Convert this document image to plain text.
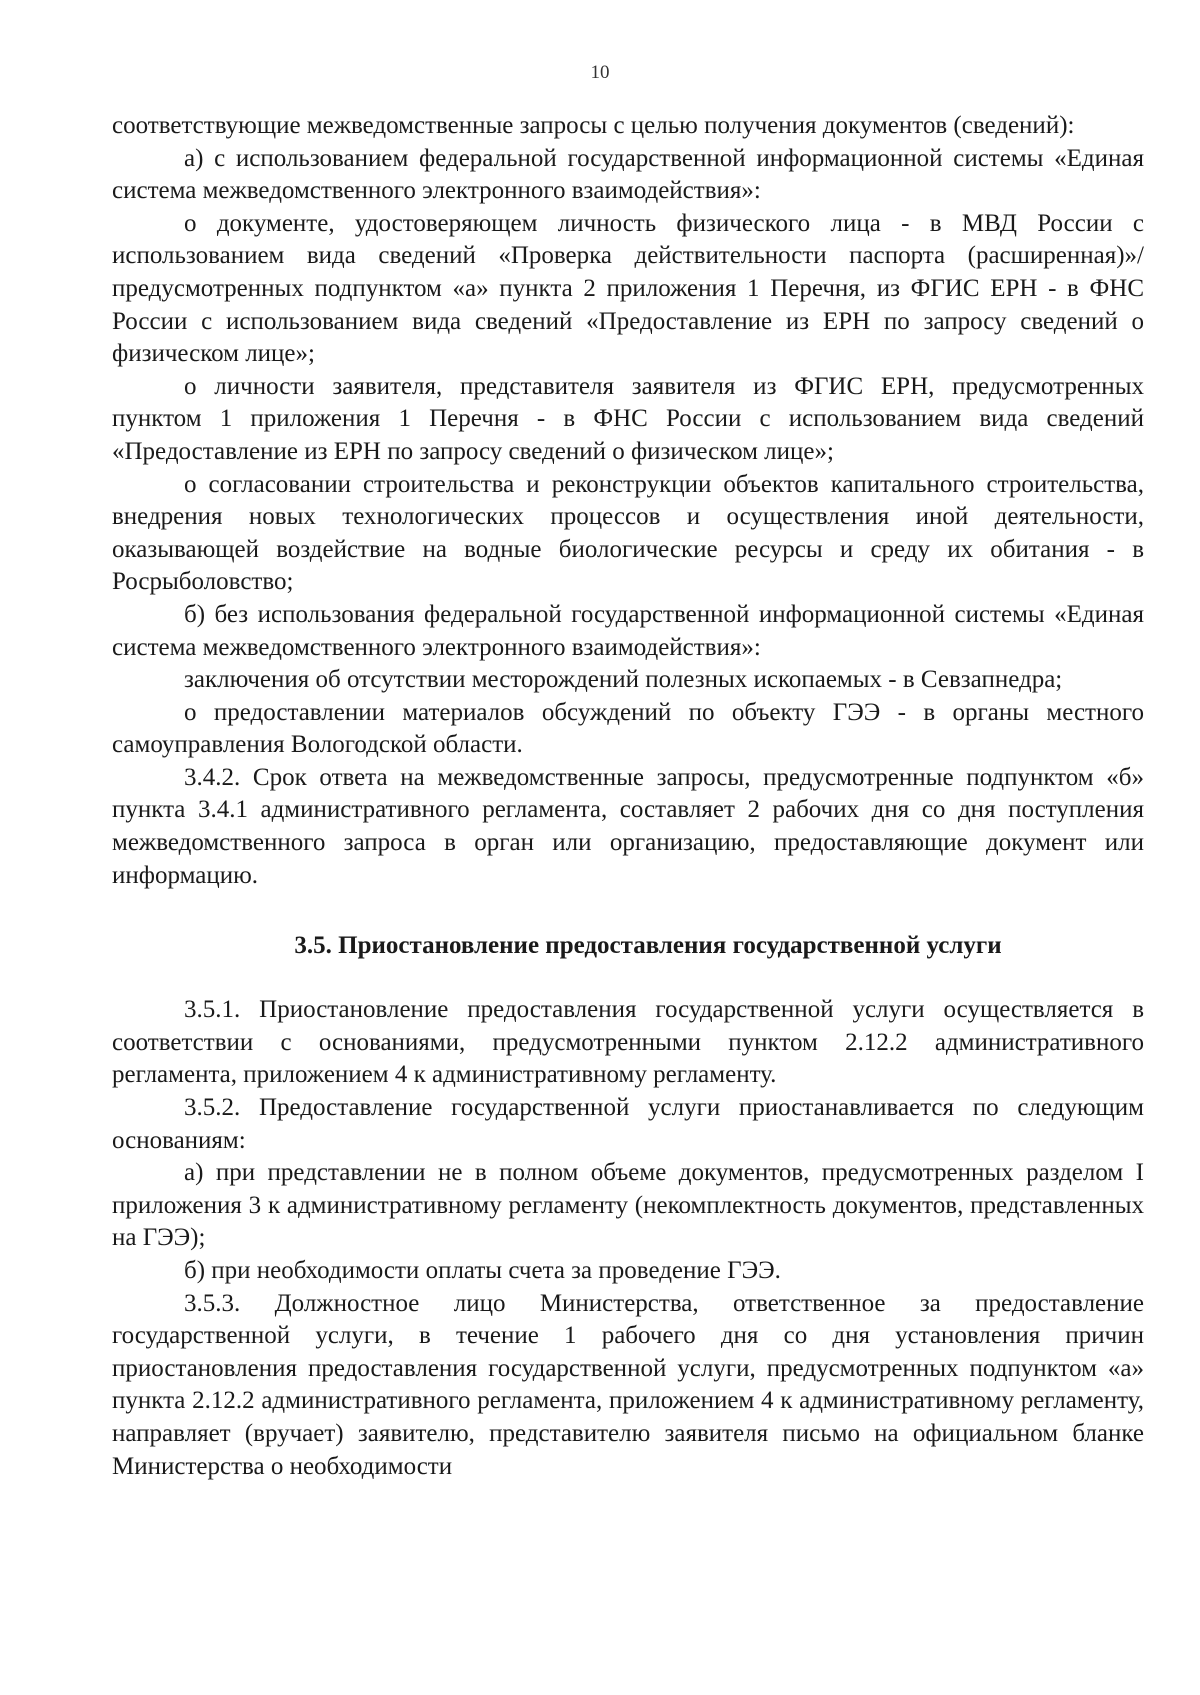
10

соответствующие межведомственные запросы с целью получения документов (сведений):

а) с использованием федеральной государственной информационной системы «Единая система межведомственного электронного взаимодействия»:

о документе, удостоверяющем личность физического лица - в МВД России с использованием вида сведений «Проверка действительности паспорта (расширенная)»/предусмотренных подпунктом «а» пункта 2 приложения 1 Перечня, из ФГИС ЕРН - в ФНС России с использованием вида сведений «Предоставление из ЕРН по запросу сведений о физическом лице»;

о личности заявителя, представителя заявителя из ФГИС ЕРН, предусмотренных пунктом 1 приложения 1 Перечня - в ФНС России с использованием вида сведений «Предоставление из ЕРН по запросу сведений о физическом лице»;

о согласовании строительства и реконструкции объектов капитального строительства, внедрения новых технологических процессов и осуществления иной деятельности, оказывающей воздействие на водные биологические ресурсы и среду их обитания - в Росрыболовство;

б) без использования федеральной государственной информационной системы «Единая система межведомственного электронного взаимодействия»:

заключения об отсутствии месторождений полезных ископаемых - в Севзапнедра;

о предоставлении материалов обсуждений по объекту ГЭЭ - в органы местного самоуправления Вологодской области.

3.4.2. Срок ответа на межведомственные запросы, предусмотренные подпунктом «б» пункта 3.4.1 административного регламента, составляет 2 рабочих дня со дня поступления межведомственного запроса в орган или организацию, предоставляющие документ или информацию.

3.5. Приостановление предоставления государственной услуги

3.5.1. Приостановление предоставления государственной услуги осуществляется в соответствии с основаниями, предусмотренными пунктом 2.12.2 административного регламента, приложением 4 к административному регламенту.

3.5.2. Предоставление государственной услуги приостанавливается по следующим основаниям:

а) при представлении не в полном объеме документов, предусмотренных разделом I приложения 3 к административному регламенту (некомплектность документов, представленных на ГЭЭ);

б) при необходимости оплаты счета за проведение ГЭЭ.

3.5.3. Должностное лицо Министерства, ответственное за предоставление государственной услуги, в течение 1 рабочего дня со дня установления причин приостановления предоставления государственной услуги, предусмотренных подпунктом «а» пункта 2.12.2 административного регламента, приложением 4 к административному регламенту, направляет (вручает) заявителю, представителю заявителя письмо на официальном бланке Министерства о необходимости
